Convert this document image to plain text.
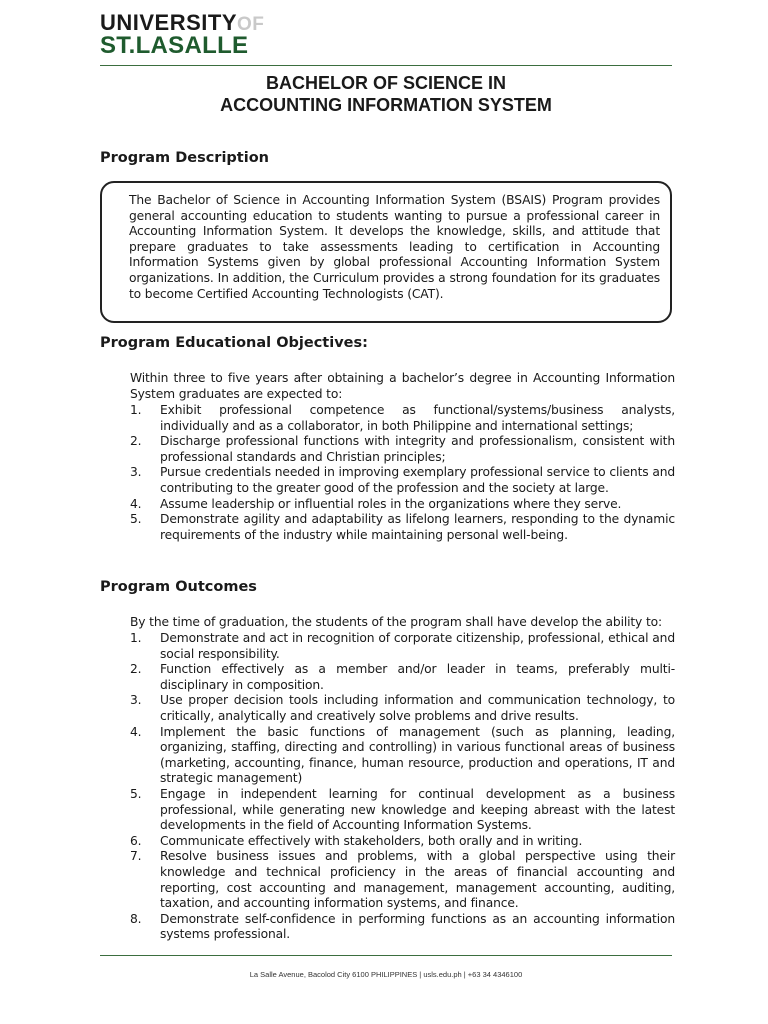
UNIVERSITYOF
ST.LASALLE
BACHELOR OF SCIENCE IN
ACCOUNTING INFORMATION SYSTEM
Program Description
The Bachelor of Science in Accounting Information System (BSAIS) Program provides general accounting education to students wanting to pursue a professional career in Accounting Information System. It develops the knowledge, skills, and attitude that prepare graduates to take assessments leading to certification in Accounting Information Systems given by global professional Accounting Information System organizations. In addition, the Curriculum provides a strong foundation for its graduates to become Certified Accounting Technologists (CAT).
Program Educational Objectives:
Within three to five years after obtaining a bachelor’s degree in Accounting Information System graduates are expected to:
1. Exhibit professional competence as functional/systems/business analysts, individually and as a collaborator, in both Philippine and international settings;
2. Discharge professional functions with integrity and professionalism, consistent with professional standards and Christian principles;
3. Pursue credentials needed in improving exemplary professional service to clients and contributing to the greater good of the profession and the society at large.
4. Assume leadership or influential roles in the organizations where they serve.
5. Demonstrate agility and adaptability as lifelong learners, responding to the dynamic requirements of the industry while maintaining personal well-being.
Program Outcomes
By the time of graduation, the students of the program shall have develop the ability to:
1. Demonstrate and act in recognition of corporate citizenship, professional, ethical and social responsibility.
2. Function effectively as a member and/or leader in teams, preferably multi-disciplinary in composition.
3. Use proper decision tools including information and communication technology, to critically, analytically and creatively solve problems and drive results.
4. Implement the basic functions of management (such as planning, leading, organizing, staffing, directing and controlling) in various functional areas of business (marketing, accounting, finance, human resource, production and operations, IT and strategic management)
5. Engage in independent learning for continual development as a business professional, while generating new knowledge and keeping abreast with the latest developments in the field of Accounting Information Systems.
6. Communicate effectively with stakeholders, both orally and in writing.
7. Resolve business issues and problems, with a global perspective using their knowledge and technical proficiency in the areas of financial accounting and reporting, cost accounting and management, management accounting, auditing, taxation, and accounting information systems, and finance.
8. Demonstrate self-confidence in performing functions as an accounting information systems professional.
La Salle Avenue, Bacolod City 6100 PHILIPPINES | usls.edu.ph | +63 34 4346100
